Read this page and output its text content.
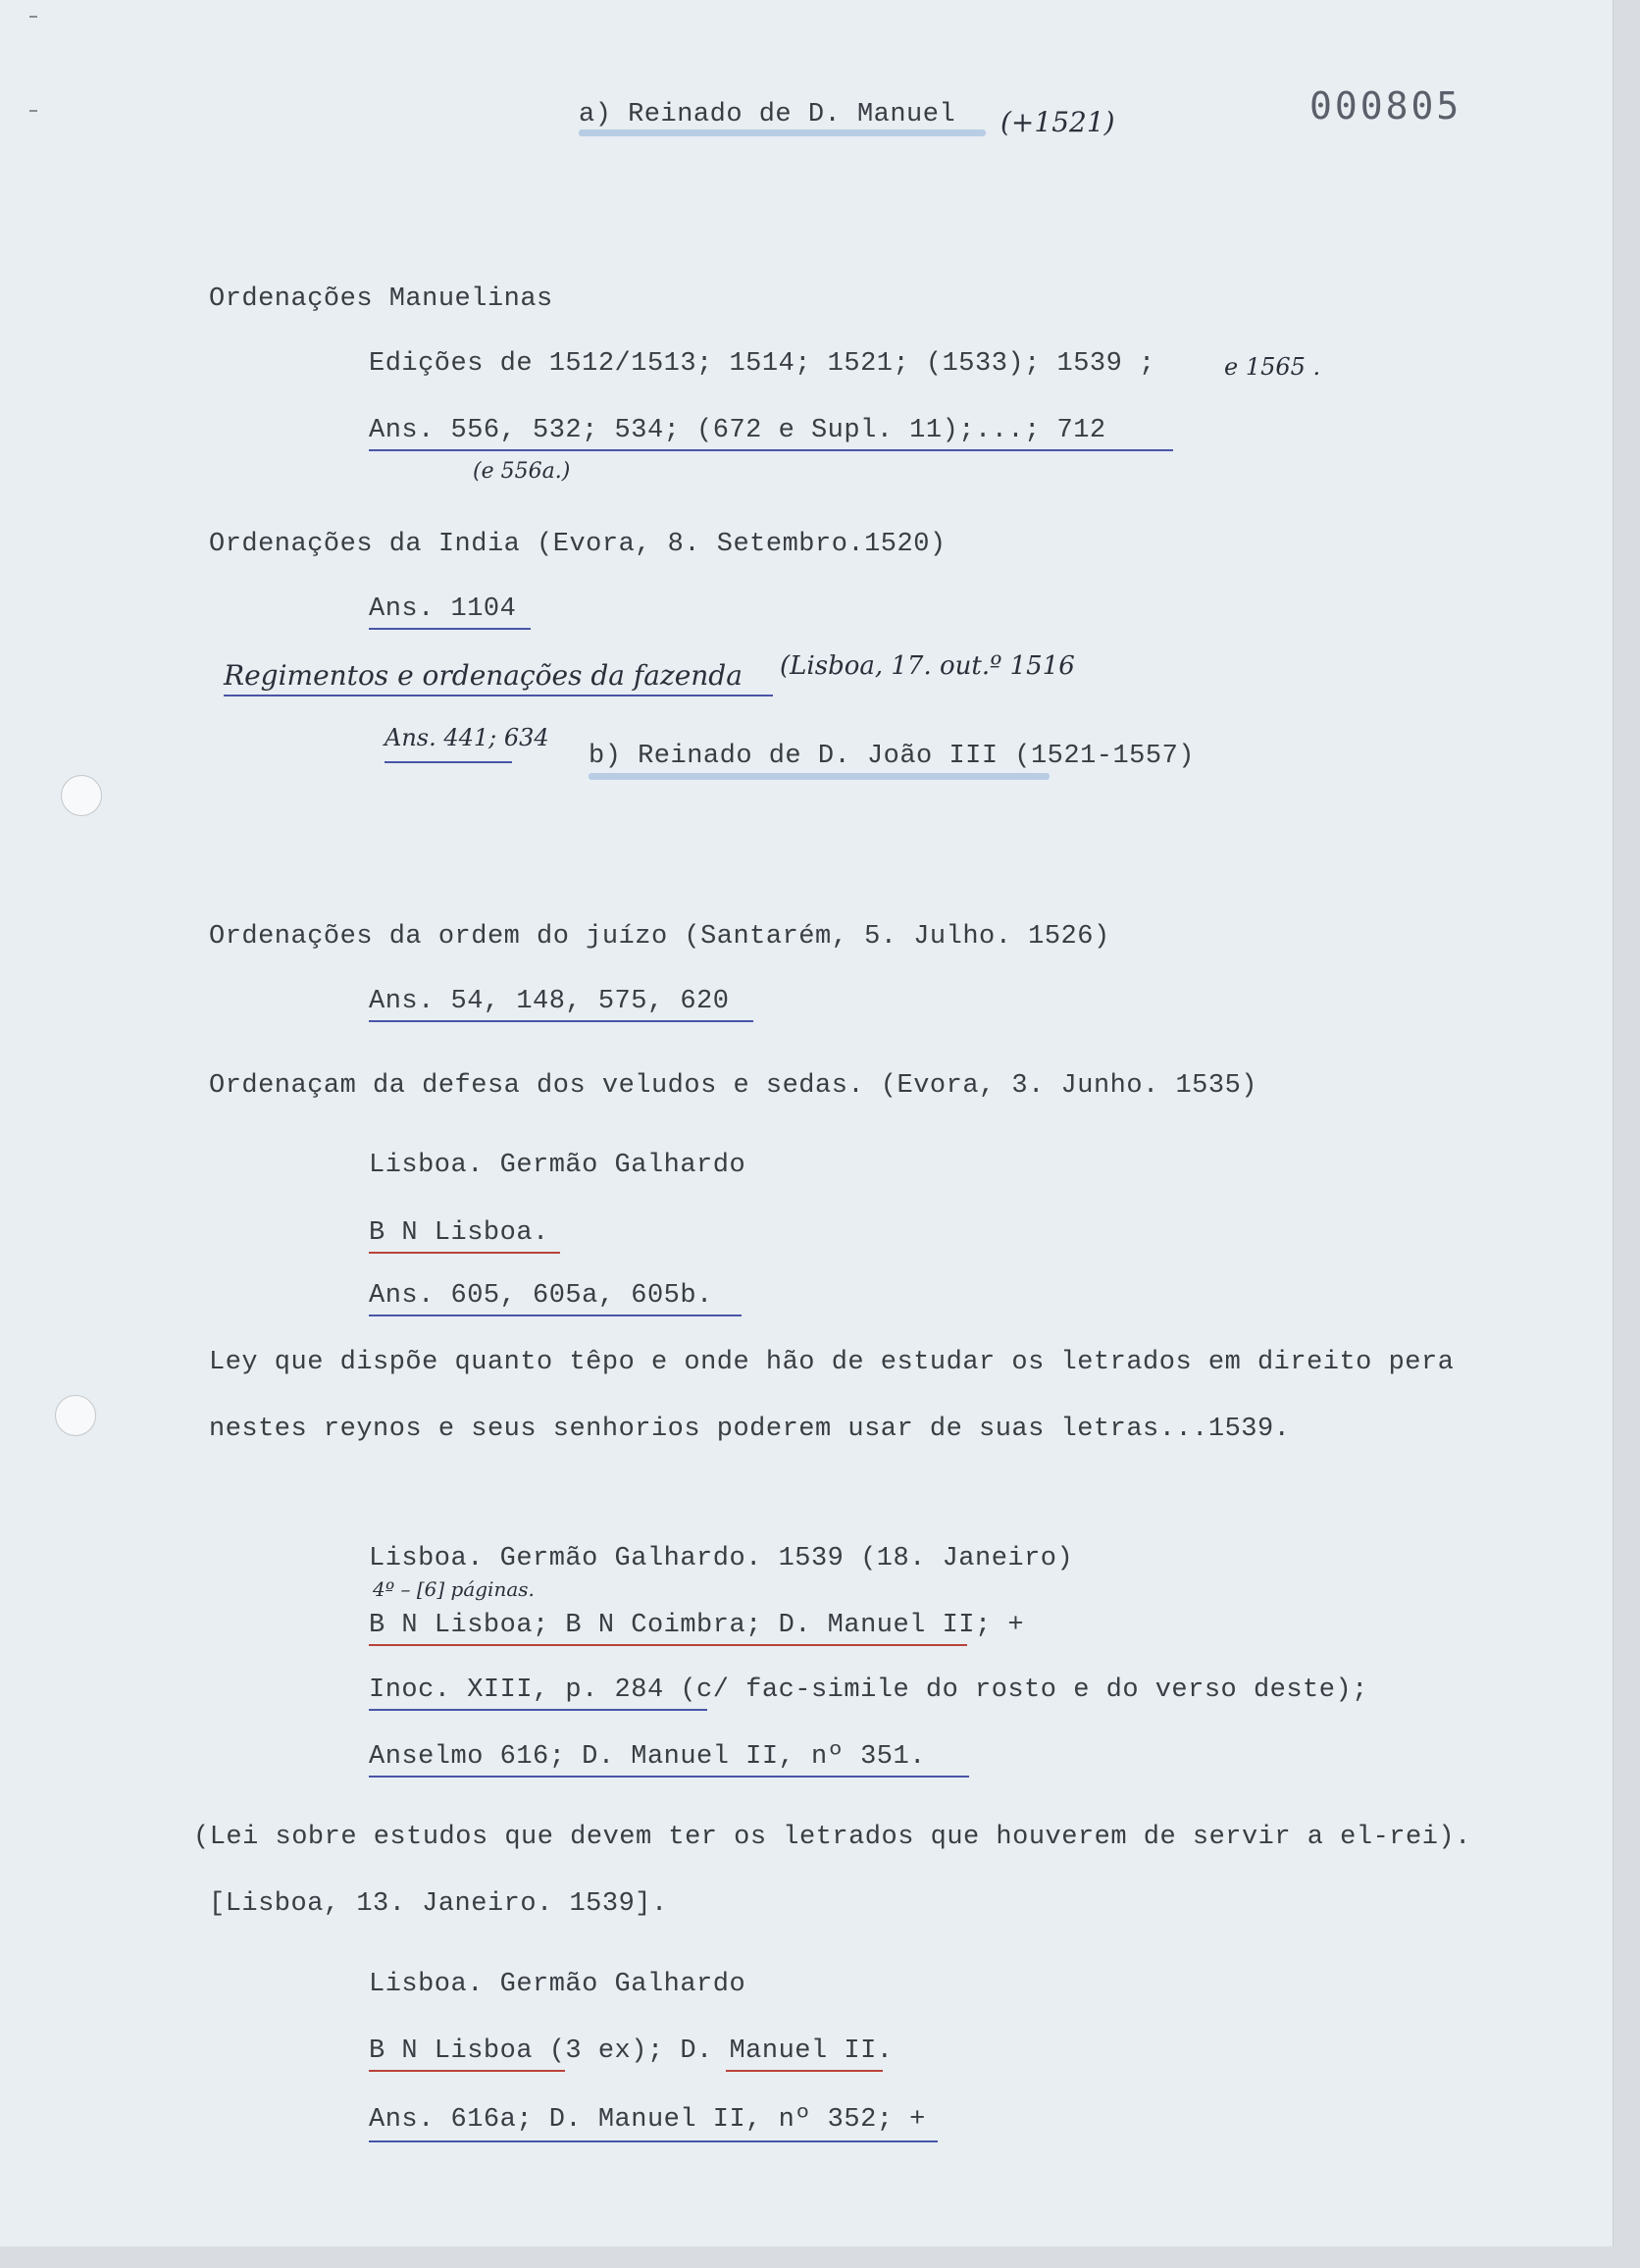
000805
a) Reinado de D. Manuel (+1521)
Ordenações Manuelinas
Edições de 1512/1513; 1514; 1521; (1533); 1539 ;	e 1565 .
Ans. 556, 532; 534; (672 e Supl. 11);...; 712
(e 556a.)
Ordenações da India (Evora, 8. Setembro.1520)
Ans. 1104
Regimentos e ordenações da fazenda (Lisboa, 17. out.º 1516
Ans. 441; 634
b) Reinado de D. João III (1521-1557)
Ordenações da ordem do juízo (Santarém, 5. Julho. 1526)
Ans. 54, 148, 575, 620
Ordenaçam da defesa dos veludos e sedas. (Evora, 3. Junho. 1535)
Lisboa. Germão Galhardo
B N Lisboa.
Ans. 605, 605a, 605b.
Ley que dispõe quanto têpo e onde hão de estudar os letrados em direito pera
nestes reynos e seus senhorios poderem usar de suas letras...1539.
Lisboa. Germão Galhardo. 1539 (18. Janeiro)
4º – [6] páginas.
B N Lisboa; B N Coimbra; D. Manuel II; +
Inoc. XIII, p. 284 (c/ fac-simile do rosto e do verso deste);
Anselmo 616; D. Manuel II, nº 351.
(Lei sobre estudos que devem ter os letrados que houverem de servir a el-rei).
[Lisboa, 13. Janeiro. 1539].
Lisboa. Germão Galhardo
B N Lisboa (3 ex); D. Manuel II.
Ans. 616a; D. Manuel II, nº 352; +
